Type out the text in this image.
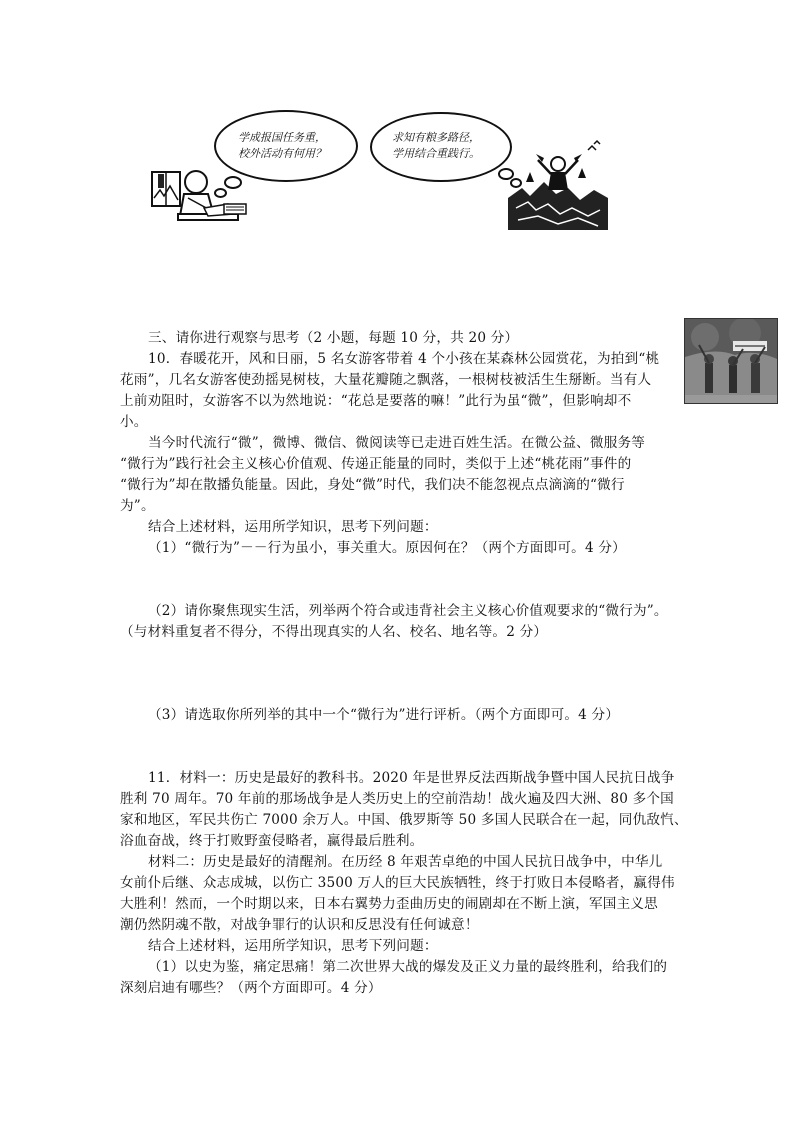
学成报国任务重，
校外活动有何用？
求知有粮多路径，
学用结合重践行。
三、请你进行观察与思考（2 小题，每题 10 分，共 20 分）
10．春暖花开，风和日丽，5 名女游客带着 4 个小孩在某森林公园赏花，为拍到“桃
花雨”，几名女游客使劲摇晃树枝，大量花瓣随之飘落，一根树枝被活生生掰断。当有人
上前劝阻时，女游客不以为然地说：“花总是要落的嘛！”此行为虽“微”，但影响却不
小。
当今时代流行“微”，微博、微信、微阅读等已走进百姓生活。在微公益、微服务等
“微行为”践行社会主义核心价值观、传递正能量的同时，类似于上述“桃花雨”事件的
“微行为”却在散播负能量。因此，身处“微”时代，我们决不能忽视点点滴滴的“微行
为”。
结合上述材料，运用所学知识，思考下列问题：
（1）“微行为”－－行为虽小，事关重大。原因何在？（两个方面即可。4 分）
（2）请你聚焦现实生活，列举两个符合或违背社会主义核心价值观要求的“微行为”。
（与材料重复者不得分，不得出现真实的人名、校名、地名等。2 分）
（3）请选取你所列举的其中一个“微行为”进行评析。（两个方面即可。4 分）
11．材料一：历史是最好的教科书。2020 年是世界反法西斯战争暨中国人民抗日战争
胜利 70 周年。70 年前的那场战争是人类历史上的空前浩劫！战火遍及四大洲、80 多个国
家和地区，军民共伤亡 7000 余万人。中国、俄罗斯等 50 多国人民联合在一起，同仇敌忾、
浴血奋战，终于打败野蛮侵略者，赢得最后胜利。
材料二：历史是最好的清醒剂。在历经 8 年艰苦卓绝的中国人民抗日战争中，中华儿
女前仆后继、众志成城，以伤亡 3500 万人的巨大民族牺牲，终于打败日本侵略者，赢得伟
大胜利！然而，一个时期以来，日本右翼势力歪曲历史的闹剧却在不断上演，军国主义思
潮仍然阴魂不散，对战争罪行的认识和反思没有任何诚意！
结合上述材料，运用所学知识，思考下列问题：
（1）以史为鉴，痛定思痛！第二次世界大战的爆发及正义力量的最终胜利，给我们的
深刻启迪有哪些？（两个方面即可。4 分）
